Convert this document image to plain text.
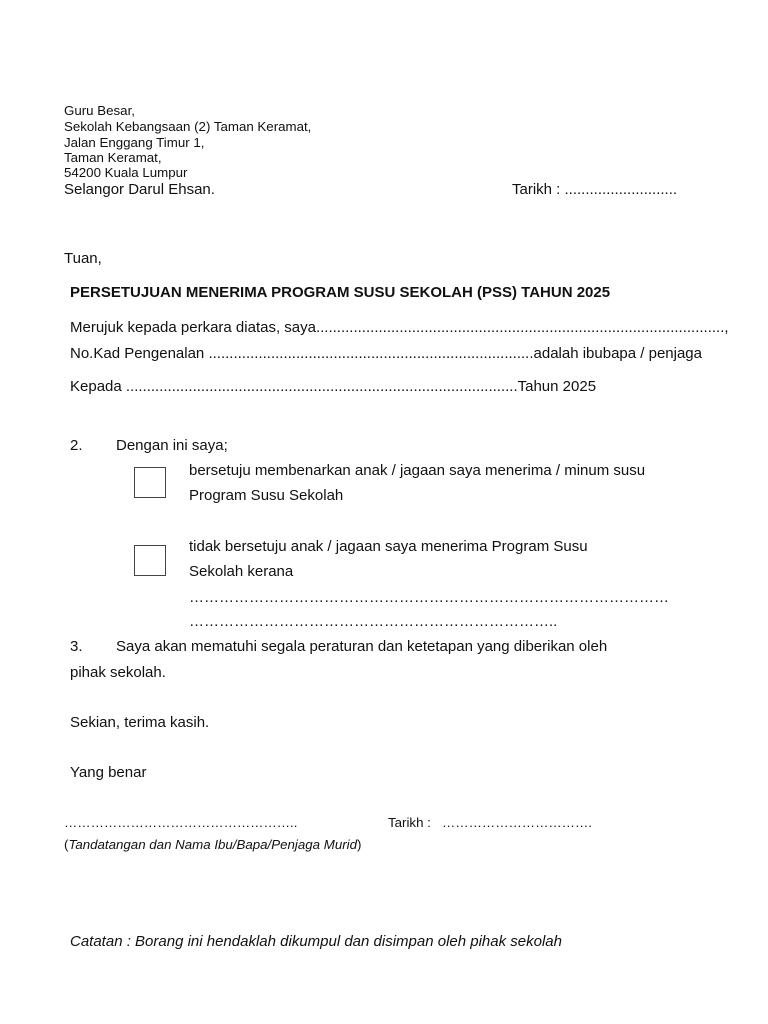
Guru Besar,
Sekolah Kebangsaan (2) Taman Keramat,
Jalan Enggang Timur 1,
Taman Keramat,
54200 Kuala Lumpur
Selangor Darul Ehsan.	Tarikh : ...........................
Tuan,
PERSETUJUAN MENERIMA PROGRAM SUSU SEKOLAH (PSS) TAHUN 2025
Merujuk kepada perkara diatas, saya..................................................................................................,
No.Kad Pengenalan ..............................................................................adalah ibubapa / penjaga
Kepada ..............................................................................................Tahun 2025
2. Dengan ini saya;
bersetuju membenarkan anak / jagaan saya menerima / minum susu
Program Susu Sekolah
tidak bersetuju anak / jagaan saya menerima Program Susu
Sekolah kerana
……………………………………………………………………………………
………………………………………………………………..
3. Saya akan mematuhi segala peraturan dan ketetapan yang diberikan oleh
pihak sekolah.
Sekian, terima kasih.
Yang benar
……………………………………………..	Tarikh : …………………………….
(Tandatangan dan Nama Ibu/Bapa/Penjaga Murid)
Catatan : Borang ini hendaklah dikumpul dan disimpan oleh pihak sekolah
